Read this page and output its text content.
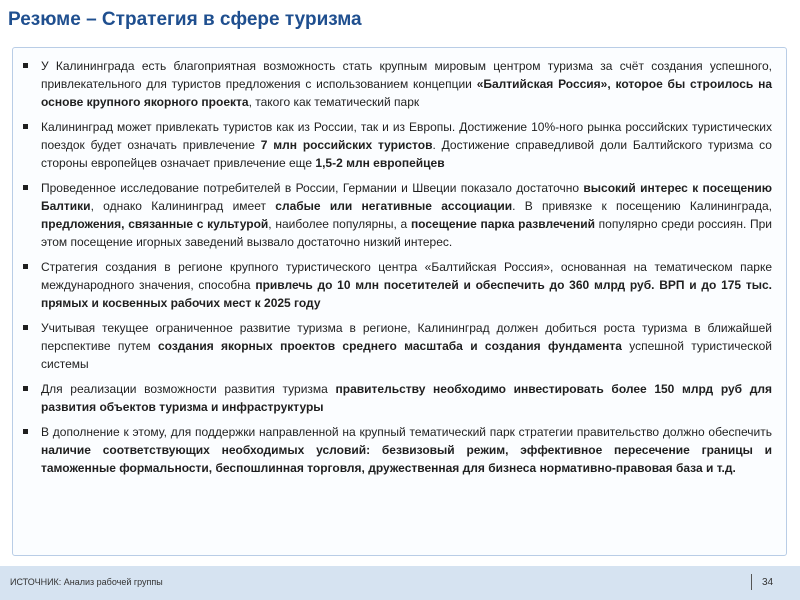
Резюме – Стратегия в сфере туризма
У Калининграда есть благоприятная возможность стать крупным мировым центром туризма за счёт создания успешного, привлекательного для туристов предложения с использованием концепции «Балтийская Россия», которое бы строилось на основе крупного якорного проекта, такого как тематический парк
Калининград может привлекать туристов как из России, так и из Европы. Достижение 10%-ного рынка российских туристических поездок будет означать привлечение 7 млн российских туристов. Достижение справедливой доли Балтийского туризма со стороны европейцев означает привлечение еще 1,5-2 млн европейцев
Проведенное исследование потребителей в России, Германии и Швеции показало достаточно высокий интерес к посещению Балтики, однако Калининград имеет слабые или негативные ассоциации. В привязке к посещению Калининграда, предложения, связанные с культурой, наиболее популярны, а посещение парка развлечений популярно среди россиян. При этом посещение игорных заведений вызвало достаточно низкий интерес.
Стратегия создания в регионе крупного туристического центра «Балтийская Россия», основанная на тематическом парке международного значения, способна привлечь до 10 млн посетителей и обеспечить до 360 млрд руб. ВРП и до 175 тыс. прямых и косвенных рабочих мест к 2025 году
Учитывая текущее ограниченное развитие туризма в регионе, Калининград должен добиться роста туризма в ближайшей перспективе путем создания якорных проектов среднего масштаба и создания фундамента успешной туристической системы
Для реализации возможности развития туризма правительству необходимо инвестировать более 150 млрд руб для развития объектов туризма и инфраструктуры
В дополнение к этому, для поддержки направленной на крупный тематический парк стратегии правительство должно обеспечить наличие соответствующих необходимых условий: безвизовый режим, эффективное пересечение границы и таможенные формальности, беспошлинная торговля, дружественная для бизнеса нормативно-правовая база и т.д.
ИСТОЧНИК: Анализ рабочей группы	34
